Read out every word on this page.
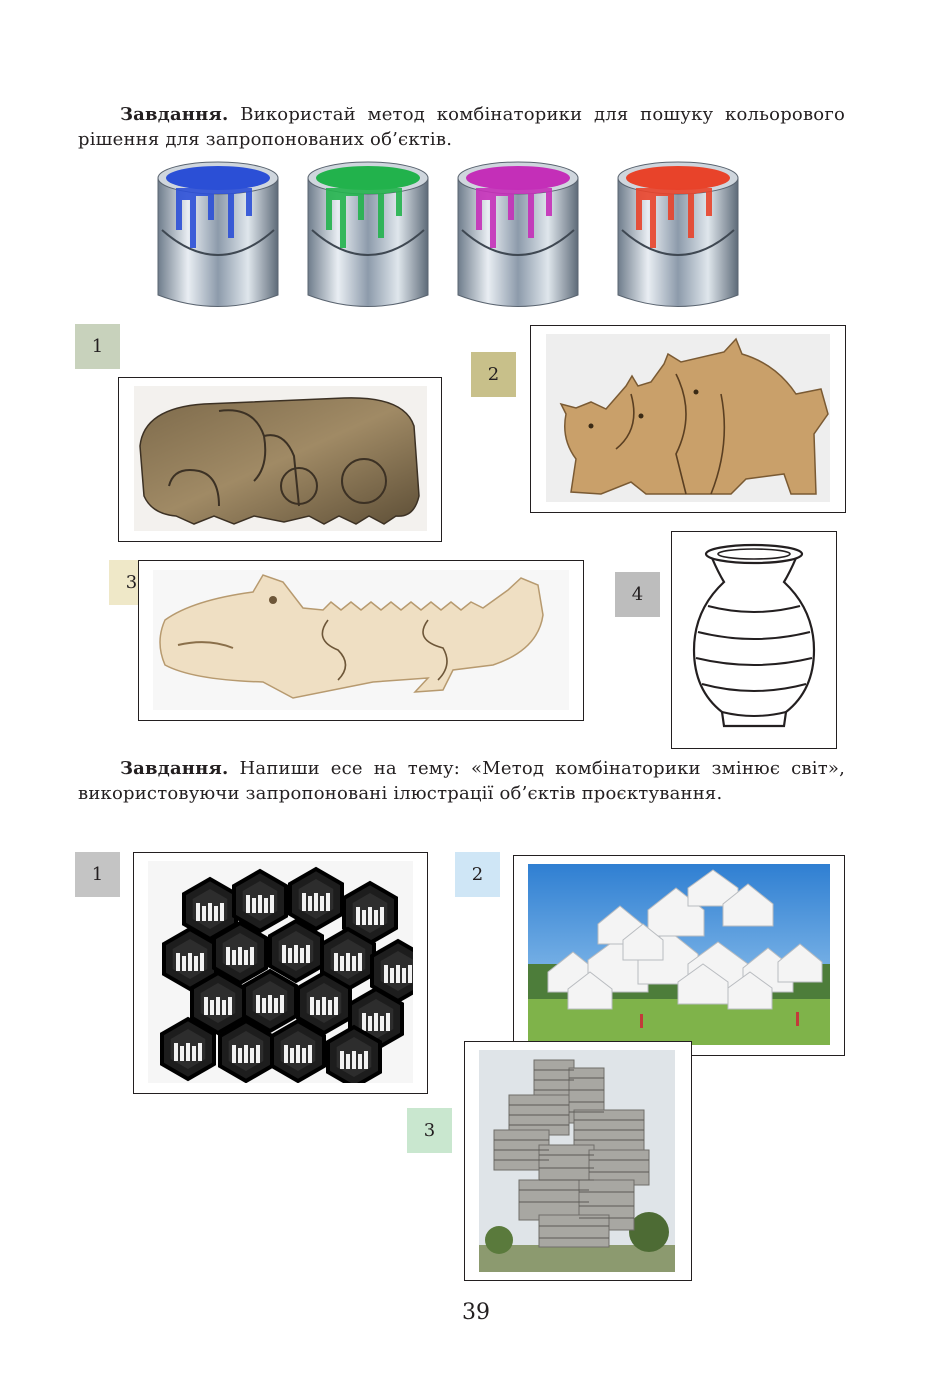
Завдання. Використай метод комбінаторики для пошуку кольорового рішення для запропонованих об’єктів.
1
2
3
4
Завдання. Напиши есе на тему: «Метод комбінаторики змінює світ», використовуючи запропоновані ілюстрації об’єктів проєктування.
1	2
3
39
